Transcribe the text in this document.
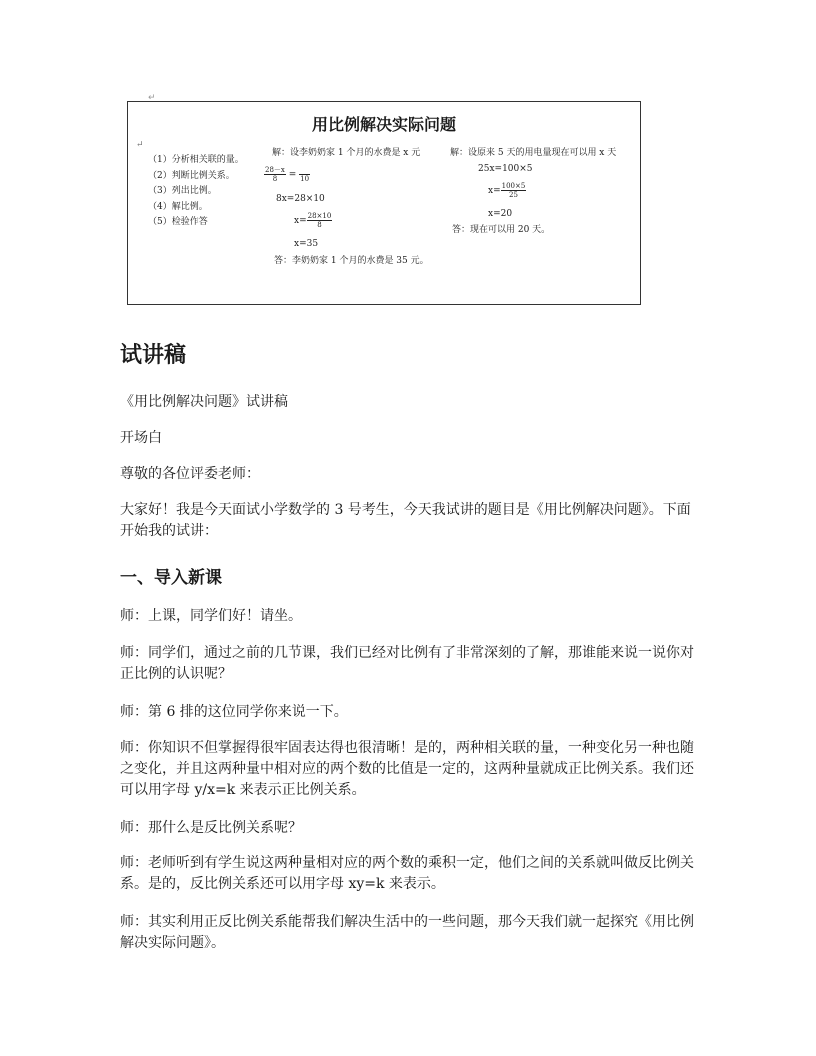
↵
用比例解决实际问题
↵
（1）分析相关联的量。
（2）判断比例关系。
（3）列出比例。
（4）解比例。
（5）检验作答
解：设李奶奶家 1 个月的水费是 x 元
$\frac{28-x}{8}$ =
10
8x=28×10
$x= \frac{28\times 10}{8}$
x=35
答：李奶奶家 1 个月的水费是 35 元。
解：设原来 5 天的用电量现在可以用 x 天
25x=100×5
$x= \frac{100\times 5}{25}$
x=20
答：现在可以用 20 天。
试讲稿
《用比例解决问题》试讲稿
开场白
尊敬的各位评委老师：
大家好！我是今天面试小学数学的 3 号考生，今天我试讲的题目是《用比例解决问题》。下面开始我的试讲：
一、导入新课
师：上课，同学们好！请坐。
师：同学们，通过之前的几节课，我们已经对比例有了非常深刻的了解，那谁能来说一说你对正比例的认识呢？
师：第 6 排的这位同学你来说一下。
师：你知识不但掌握得很牢固表达得也很清晰！是的，两种相关联的量，一种变化另一种也随之变化，并且这两种量中相对应的两个数的比值是一定的，这两种量就成正比例关系。我们还可以用字母 y/x=k 来表示正比例关系。
师：那什么是反比例关系呢？
师：老师听到有学生说这两种量相对应的两个数的乘积一定，他们之间的关系就叫做反比例关系。是的，反比例关系还可以用字母 xy=k 来表示。
师：其实利用正反比例关系能帮我们解决生活中的一些问题，那今天我们就一起探究《用比例解决实际问题》。
